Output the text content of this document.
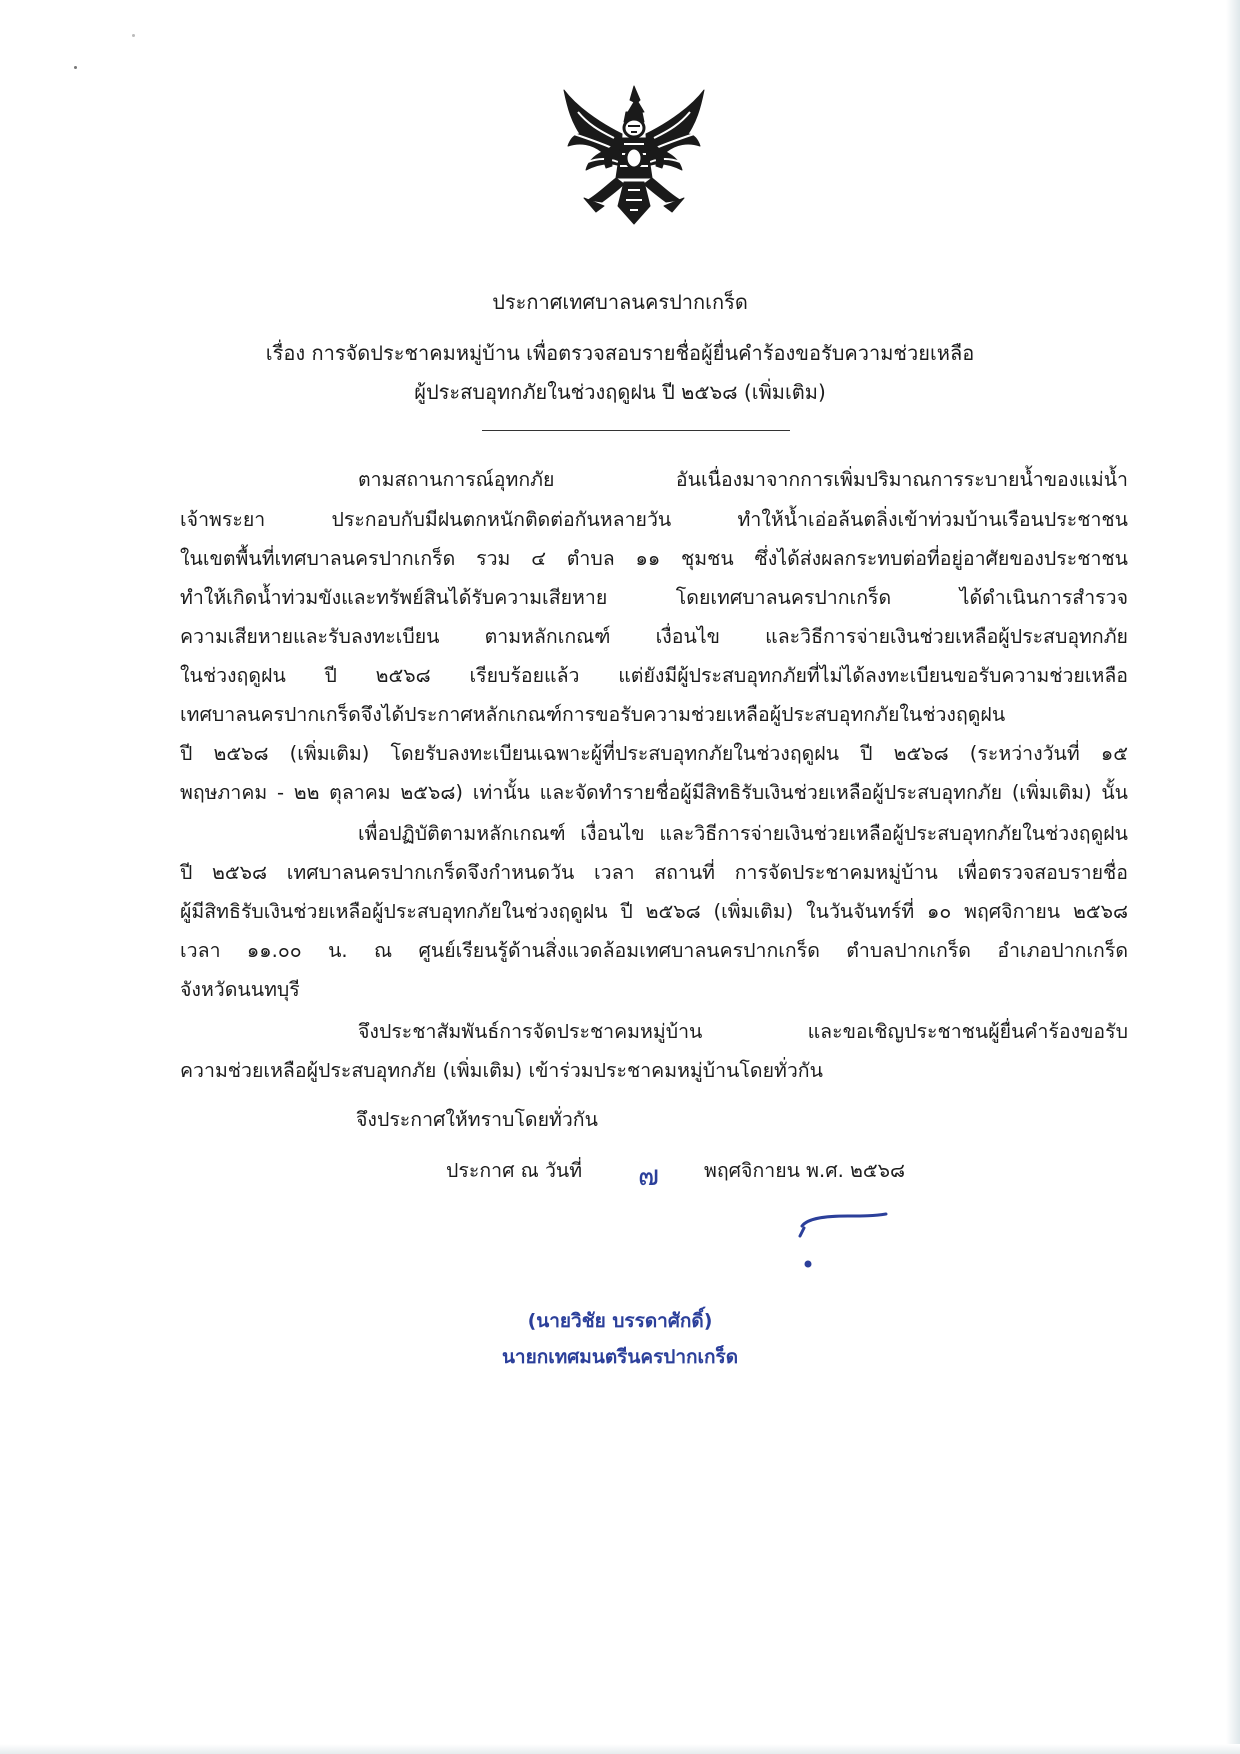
ประกาศเทศบาลนครปากเกร็ด
เรื่อง การจัดประชาคมหมู่บ้าน เพื่อตรวจสอบรายชื่อผู้ยื่นคำร้องขอรับความช่วยเหลือ
ผู้ประสบอุทกภัยในช่วงฤดูฝน ปี ๒๕๖๘ (เพิ่มเติม)
ตามสถานการณ์อุทกภัย อันเนื่องมาจากการเพิ่มปริมาณการระบายน้ำของแม่น้ำ
เจ้าพระยา ประกอบกับมีฝนตกหนักติดต่อกันหลายวัน ทำให้น้ำเอ่อล้นตลิ่งเข้าท่วมบ้านเรือนประชาชน
ในเขตพื้นที่เทศบาลนครปากเกร็ด รวม ๔ ตำบล ๑๑ ชุมชน ซึ่งได้ส่งผลกระทบต่อที่อยู่อาศัยของประชาชน
ทำให้เกิดน้ำท่วมขังและทรัพย์สินได้รับความเสียหาย โดยเทศบาลนครปากเกร็ด ได้ดำเนินการสำรวจ
ความเสียหายและรับลงทะเบียน ตามหลักเกณฑ์ เงื่อนไข และวิธีการจ่ายเงินช่วยเหลือผู้ประสบอุทกภัย
ในช่วงฤดูฝน ปี ๒๕๖๘ เรียบร้อยแล้ว แต่ยังมีผู้ประสบอุทกภัยที่ไม่ได้ลงทะเบียนขอรับความช่วยเหลือ
เทศบาลนครปากเกร็ดจึงได้ประกาศหลักเกณฑ์การขอรับความช่วยเหลือผู้ประสบอุทกภัยในช่วงฤดูฝน
ปี ๒๕๖๘ (เพิ่มเติม) โดยรับลงทะเบียนเฉพาะผู้ที่ประสบอุทกภัยในช่วงฤดูฝน ปี ๒๕๖๘ (ระหว่างวันที่ ๑๕
พฤษภาคม - ๒๒ ตุลาคม ๒๕๖๘) เท่านั้น และจัดทำรายชื่อผู้มีสิทธิรับเงินช่วยเหลือผู้ประสบอุทกภัย (เพิ่มเติม) นั้น
เพื่อปฏิบัติตามหลักเกณฑ์ เงื่อนไข และวิธีการจ่ายเงินช่วยเหลือผู้ประสบอุทกภัยในช่วงฤดูฝน
ปี ๒๕๖๘ เทศบาลนครปากเกร็ดจึงกำหนดวัน เวลา สถานที่ การจัดประชาคมหมู่บ้าน เพื่อตรวจสอบรายชื่อ
ผู้มีสิทธิรับเงินช่วยเหลือผู้ประสบอุทกภัยในช่วงฤดูฝน ปี ๒๕๖๘ (เพิ่มเติม) ในวันจันทร์ที่ ๑๐ พฤศจิกายน ๒๕๖๘
เวลา ๑๑.๐๐ น. ณ ศูนย์เรียนรู้ด้านสิ่งแวดล้อมเทศบาลนครปากเกร็ด ตำบลปากเกร็ด อำเภอปากเกร็ด
จังหวัดนนทบุรี
จึงประชาสัมพันธ์การจัดประชาคมหมู่บ้าน และขอเชิญประชาชนผู้ยื่นคำร้องขอรับ
ความช่วยเหลือผู้ประสบอุทกภัย (เพิ่มเติม) เข้าร่วมประชาคมหมู่บ้านโดยทั่วกัน
จึงประกาศให้ทราบโดยทั่วกัน
ประกาศ ณ วันที่ ๗ พฤศจิกายน พ.ศ. ๒๕๖๘
(นายวิชัย บรรดาศักดิ์)
นายกเทศมนตรีนครปากเกร็ด
